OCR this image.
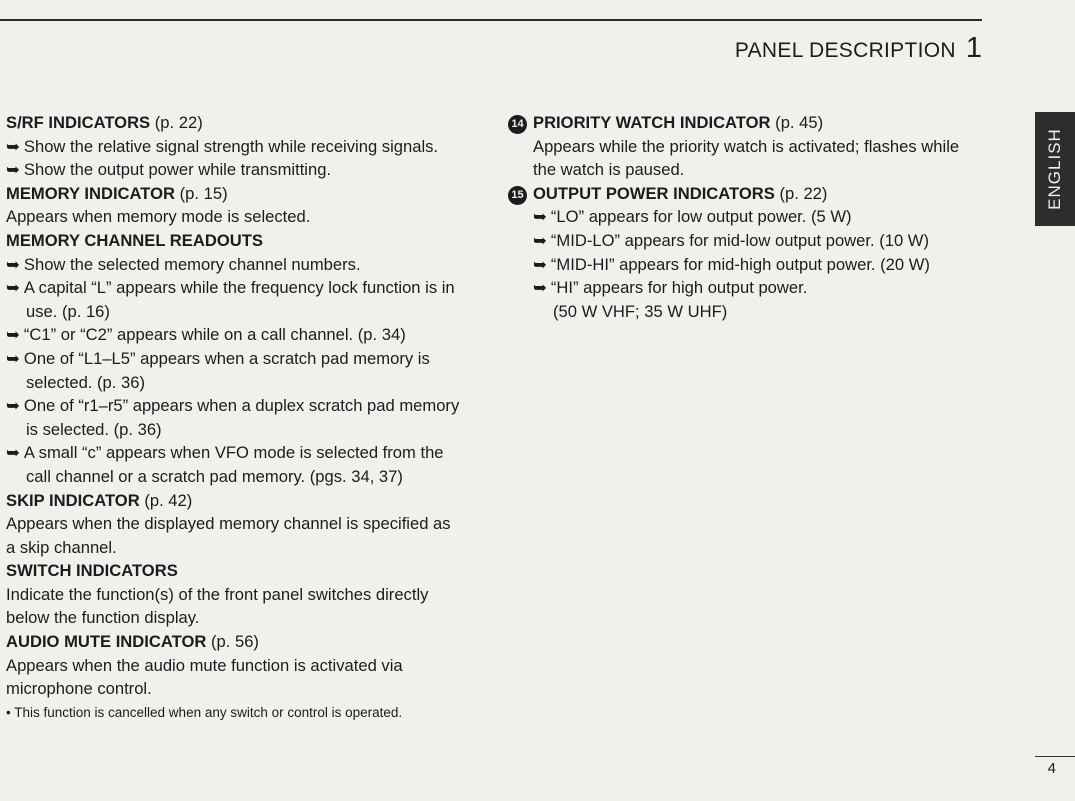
PANEL DESCRIPTION 1

S/RF INDICATORS (p. 22)

➥ Show the relative signal strength while receiving signals.

➥ Show the output power while transmitting.

MEMORY INDICATOR (p. 15)

Appears when memory mode is selected.

MEMORY CHANNEL READOUTS

➥ Show the selected memory channel numbers.

➥ A capital “L” appears while the frequency lock function is in use. (p. 16)

➥ “C1” or “C2” appears while on a call channel. (p. 34)

➥ One of “L1–L5” appears when a scratch pad memory is selected. (p. 36)

➥ One of “r1–r5” appears when a duplex scratch pad memory is selected. (p. 36)

➥ A small “c” appears when VFO mode is selected from the call channel or a scratch pad memory. (pgs. 34, 37)

SKIP INDICATOR (p. 42)

Appears when the displayed memory channel is specified as a skip channel.

SWITCH INDICATORS

Indicate the function(s) of the front panel switches directly below the function display.

AUDIO MUTE INDICATOR (p. 56)

Appears when the audio mute function is activated via microphone control.

• This function is cancelled when any switch or control is operated.

14 PRIORITY WATCH INDICATOR (p. 45)

Appears while the priority watch is activated; flashes while the watch is paused.

15 OUTPUT POWER INDICATORS (p. 22)

➥ “LO” appears for low output power. (5 W)

➥ “MID-LO” appears for mid-low output power. (10 W)

➥ “MID-HI” appears for mid-high output power. (20 W)

➥ “HI” appears for high output power.

(50 W VHF; 35 W UHF)

ENGLISH
4
